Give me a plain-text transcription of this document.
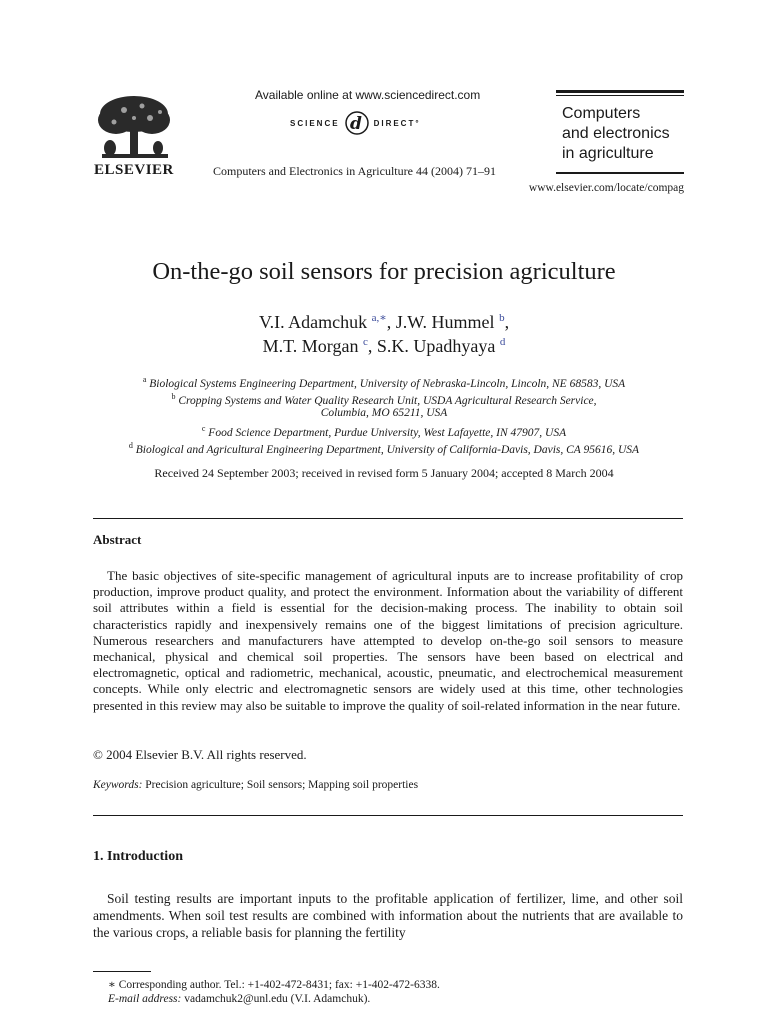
ELSEVIER
Available online at www.sciencedirect.com
SCIENCE d DIRECT°
Computers and Electronics in Agriculture 44 (2004) 71–91
Computers
and electronics
in agriculture
www.elsevier.com/locate/compag
On-the-go soil sensors for precision agriculture
V.I. Adamchuk $^{a,∗}$, J.W. Hummel $^b$,
M.T. Morgan $^c$, S.K. Upadhyaya $^d$
$^a$ Biological Systems Engineering Department, University of Nebraska-Lincoln, Lincoln, NE 68583, USA
$^b$ Cropping Systems and Water Quality Research Unit, USDA Agricultural Research Service,
Columbia, MO 65211, USA
$^c$ Food Science Department, Purdue University, West Lafayette, IN 47907, USA
$^d$ Biological and Agricultural Engineering Department, University of California-Davis, Davis, CA 95616, USA
Received 24 September 2003; received in revised form 5 January 2004; accepted 8 March 2004
Abstract

The basic objectives of site-specific management of agricultural inputs are to increase profitability of crop production, improve product quality, and protect the environment. Information about the variability of different soil attributes within a field is essential for the decision-making process. The inability to obtain soil characteristics rapidly and inexpensively remains one of the biggest limitations of precision agriculture. Numerous researchers and manufacturers have attempted to develop on-the-go soil sensors to measure mechanical, physical and chemical soil properties. The sensors have been based on electrical and electromagnetic, optical and radiometric, mechanical, acoustic, pneumatic, and electrochemical measurement concepts. While only electric and electromagnetic sensors are widely used at this time, other technologies presented in this review may also be suitable to improve the quality of soil-related information in the near future.

© 2004 Elsevier B.V. All rights reserved.
Keywords: Precision agriculture; Soil sensors; Mapping soil properties
1. Introduction

Soil testing results are important inputs to the profitable application of fertilizer, lime, and other soil amendments. When soil test results are combined with information about the nutrients that are available to the various crops, a reliable basis for planning the fertility

∗ Corresponding author. Tel.: +1-402-472-8431; fax: +1-402-472-6338.
E-mail address: vadamchuk2@unl.edu (V.I. Adamchuk).
